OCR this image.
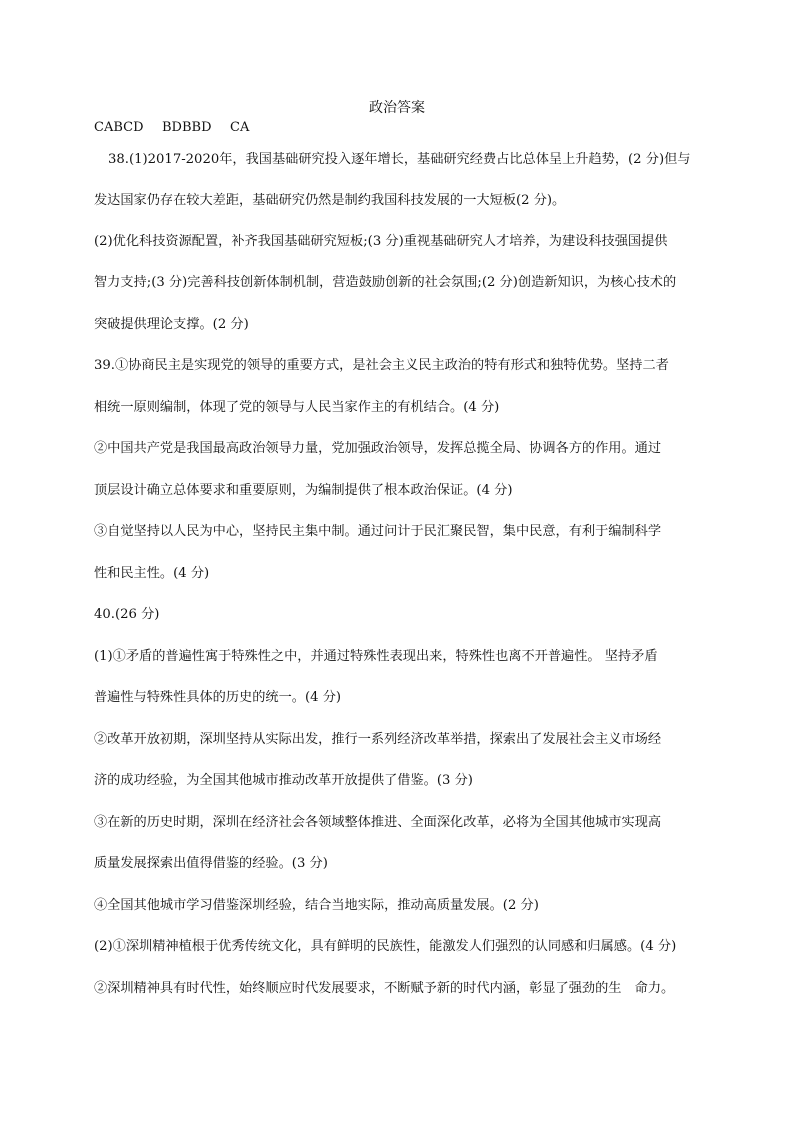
政治答案
CABCD BDBBD CA
38.(1)2017-2020年，我国基础研究投入逐年增长，基础研究经费占比总体呈上升趋势，(2 分)但与
发达国家仍存在较大差距，基础研究仍然是制约我国科技发展的一大短板(2 分)。
(2)优化科技资源配置，补齐我国基础研究短板;(3 分)重视基础研究人才培养，为建设科技强国提供
智力支持;(3 分)完善科技创新体制机制，营造鼓励创新的社会氛围;(2 分)创造新知识，为核心技术的
突破提供理论支撑。(2 分)
39.①协商民主是实现党的领导的重要方式，是社会主义民主政治的特有形式和独特优势。坚持二者
相统一原则编制，体现了党的领导与人民当家作主的有机结合。(4 分)
②中国共产党是我国最高政治领导力量，党加强政治领导，发挥总揽全局、协调各方的作用。通过
顶层设计确立总体要求和重要原则，为编制提供了根本政治保证。(4 分)
③自觉坚持以人民为中心，坚持民主集中制。通过问计于民汇聚民智，集中民意，有利于编制科学
性和民主性。(4 分)
40.(26 分)
(1)①矛盾的普遍性寓于特殊性之中，并通过特殊性表现出来，特殊性也离不开普遍性。 坚持矛盾
普遍性与特殊性具体的历史的统一。(4 分)
②改革开放初期，深圳坚持从实际出发，推行一系列经济改革举措，探索出了发展社会主义市场经
济的成功经验，为全国其他城市推动改革开放提供了借鉴。(3 分)
③在新的历史时期，深圳在经济社会各领域整体推进、全面深化改革，必将为全国其他城市实现高
质量发展探索出值得借鉴的经验。(3 分)
④全国其他城市学习借鉴深圳经验，结合当地实际，推动高质量发展。(2 分)
(2)①深圳精神植根于优秀传统文化，具有鲜明的民族性，能激发人们强烈的认同感和归属感。(4 分)
②深圳精神具有时代性，始终顺应时代发展要求，不断赋予新的时代内涵，彰显了强劲的生　命力。
